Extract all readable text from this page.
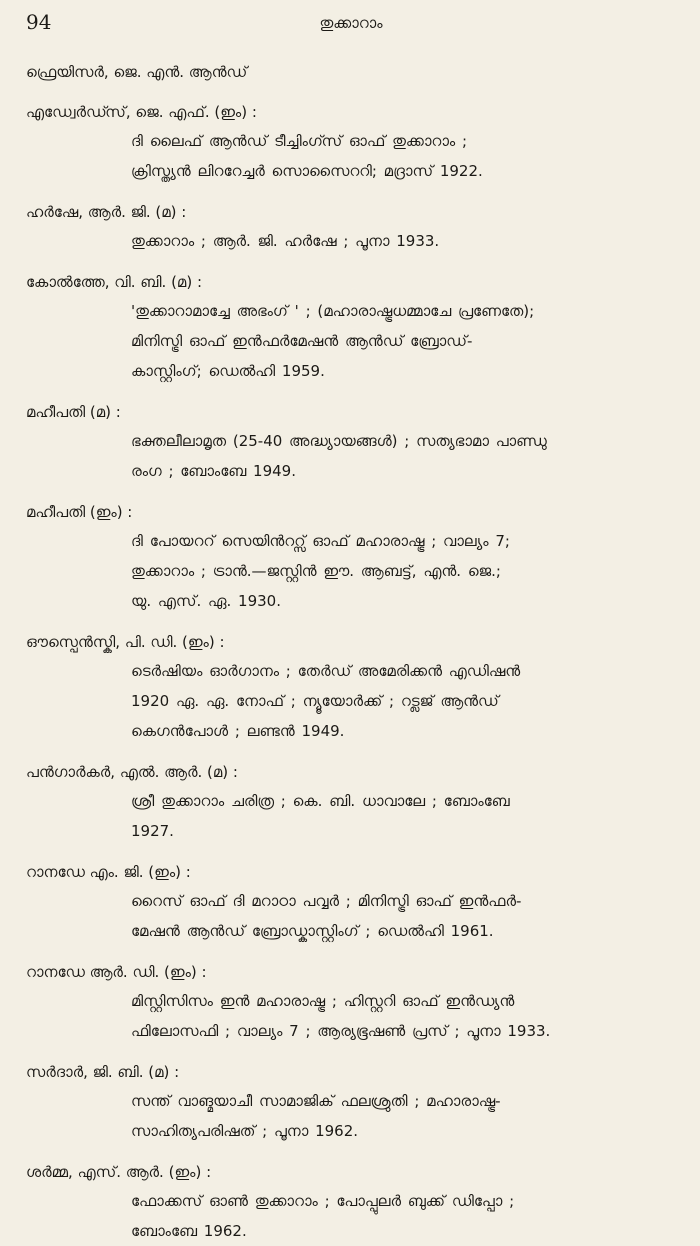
94	തുക്കാറാം
ഫ്രെയിസർ, ജെ. എൻ. ആൻഡ്
എഡ്വേർഡ്സ്, ജെ. എഫ്. (ഇം) :
ദി ലൈഫ് ആൻഡ് ടീച്ചിംഗ്സ് ഓഫ് തുക്കാറാം ;
ക്രിസ്ത്യൻ ലിററേച്ചർ സൊസൈററി; മദ്രാസ് 1922.
ഹർഷേ, ആർ. ജി. (മ) :
തുക്കാറാം ; ആർ. ജി. ഹർഷേ ; പൂനാ 1933.
കോൽത്തേ, വി. ബി. (മ) :
'തുക്കാറാമാച്ചേ അഭംഗ് ' ; (മഹാരാഷ്ട്രധമ്മാചേ പ്രണേതേ);
മിനിസ്ട്രി ഓഫ് ഇൻഫർമേഷൻ ആൻഡ് ബ്രോഡ്-
കാസ്റ്റിംഗ്; ഡെൽഹി 1959.
മഹീപതി (മ) :
ഭക്തലീലാമൃത (25-40 അദ്ധ്യായങ്ങൾ) ; സത്യഭാമാ പാണ്ഡു
രംഗ ; ബോംബേ 1949.
മഹീപതി (ഇം) :
ദി പോയററ് സെയിൻററ്സ് ഓഫ് മഹാരാഷ്ട്ര ; വാല്യം 7;
തുക്കാറാം ; ട്രാൻ.—ജസ്റ്റിൻ ഈ. ആബട്ട്, എൻ. ജെ.;
യു. എസ്. ഏ. 1930.
ഔസ്പെൻസ്കി, പി. ഡി. (ഇം) :
ടെർഷിയം ഓർഗാനം ; തേർഡ് അമേരിക്കൻ എഡിഷൻ
1920 ഏ. ഏ. നോഫ് ; ന്യൂയോർക്ക് ; റട്ലജ് ആൻഡ്
കെഗൻപോൾ ; ലണ്ടൻ 1949.
പൻഗാർകർ, എൽ. ആർ. (മ) :
ശ്രീ തുക്കാറാം ചരിത്ര ; കെ. ബി. ധാവാലേ ; ബോംബേ
1927.
റാനഡേ എം. ജി. (ഇം) :
റൈസ് ഓഫ് ദി മറാഠാ പവ്വർ ; മിനിസ്ട്രി ഓഫ് ഇൻഫർ-
മേഷൻ ആൻഡ് ബ്രോഡ്കാസ്റ്റിംഗ് ; ഡെൽഹി 1961.
റാനഡേ ആർ. ഡി. (ഇം) :
മിസ്റ്റിസിസം ഇൻ മഹാരാഷ്ട്ര ; ഹിസ്റ്ററി ഓഫ് ഇൻഡ്യൻ
ഫിലോസഫി ; വാല്യം 7 ; ആര്യഭൂഷൺ പ്രസ് ; പൂനാ 1933.
സർദാർ, ജി. ബി. (മ) :
സന്ത് വാങ്മയാചീ സാമാജിക് ഫലശ്രുതി ; മഹാരാഷ്ട്ര-
സാഹിത്യപരിഷത് ; പൂനാ 1962.
ശർമ്മ, എസ്. ആർ. (ഇം) :
ഫോക്കസ് ഓൺ തുക്കാറാം ; പോപ്പുലർ ബുക്ക് ഡിപ്പോ ;
ബോംബേ 1962.
